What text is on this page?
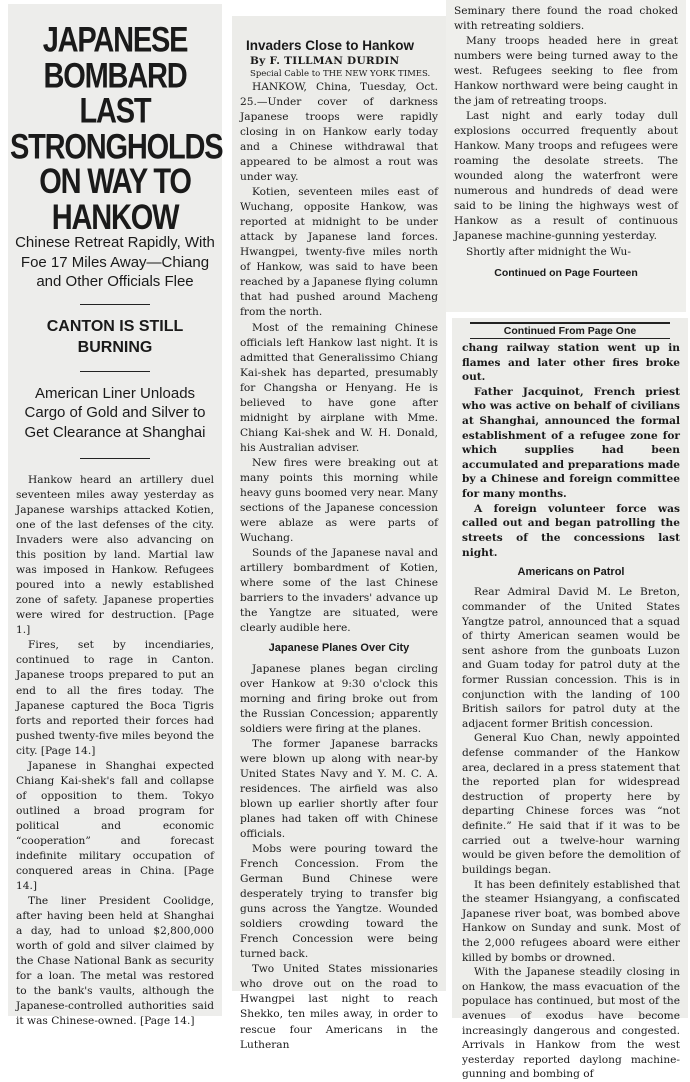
JAPANESE BOMBARD LAST STRONGHOLDS ON WAY TO HANKOW
Chinese Retreat Rapidly, With Foe 17 Miles Away—Chiang and Other Officials Flee
CANTON IS STILL BURNING
American Liner Unloads Cargo of Gold and Silver to Get Clearance at Shanghai

Hankow heard an artillery duel seventeen miles away yesterday as Japanese warships attacked Kotien, one of the last defenses of the city. Invaders were also advancing on this position by land. Martial law was imposed in Hankow. Refugees poured into a newly established zone of safety. Japanese properties were wired for destruction. [Page 1.]

Fires, set by incendiaries, continued to rage in Canton. Japanese troops prepared to put an end to all the fires today. The Japanese captured the Boca Tigris forts and reported their forces had pushed twenty-five miles beyond the city. [Page 14.]

Japanese in Shanghai expected Chiang Kai-shek's fall and collapse of opposition to them. Tokyo outlined a broad program for political and economic “cooperation” and forecast indefinite military occupation of conquered areas in China. [Page 14.]

The liner President Coolidge, after having been held at Shanghai a day, had to unload $2,800,000 worth of gold and silver claimed by the Chase National Bank as security for a loan. The metal was restored to the bank's vaults, although the Japanese-controlled authorities said it was Chinese-owned. [Page 14.]

Invaders Close to Hankow
By F. TILLMAN DURDIN
Special Cable to THE NEW YORK TIMES.

HANKOW, China, Tuesday, Oct. 25.—Under cover of darkness Japanese troops were rapidly closing in on Hankow early today and a Chinese withdrawal that appeared to be almost a rout was under way.

Kotien, seventeen miles east of Wuchang, opposite Hankow, was reported at midnight to be under attack by Japanese land forces. Hwangpei, twenty-five miles north of Hankow, was said to have been reached by a Japanese flying column that had pushed around Macheng from the north.

Most of the remaining Chinese officials left Hankow last night. It is admitted that Generalissimo Chiang Kai-shek has departed, presumably for Changsha or Henyang. He is believed to have gone after midnight by airplane with Mme. Chiang Kai-shek and W. H. Donald, his Australian adviser.

New fires were breaking out at many points this morning while heavy guns boomed very near. Many sections of the Japanese concession were ablaze as were parts of Wuchang.

Sounds of the Japanese naval and artillery bombardment of Kotien, where some of the last Chinese barriers to the invaders' advance up the Yangtze are situated, were clearly audible here.

Japanese Planes Over City

Japanese planes began circling over Hankow at 9:30 o'clock this morning and firing broke out from the Russian Concession; apparently soldiers were firing at the planes.

The former Japanese barracks were blown up along with near-by United States Navy and Y. M. C. A. residences. The airfield was also blown up earlier shortly after four planes had taken off with Chinese officials.

Mobs were pouring toward the French Concession. From the German Bund Chinese were desperately trying to transfer big guns across the Yangtze. Wounded soldiers crowding toward the French Concession were being turned back.

Two United States missionaries who drove out on the road to Hwangpei last night to reach Shekko, ten miles away, in order to rescue four Americans in the Lutheran

Seminary there found the road choked with retreating soldiers.

Many troops headed here in great numbers were being turned away to the west. Refugees seeking to flee from Hankow northward were being caught in the jam of retreating troops.

Last night and early today dull explosions occurred frequently about Hankow. Many troops and refugees were roaming the desolate streets. The wounded along the waterfront were numerous and hundreds of dead were said to be lining the highways west of Hankow as a result of continuous Japanese machine-gunning yesterday.

Shortly after midnight the Wu-

Continued on Page Fourteen
Continued From Page One

chang railway station went up in flames and later other fires broke out.

Father Jacquinot, French priest who was active on behalf of civilians at Shanghai, announced the formal establishment of a refugee zone for which supplies had been accumulated and preparations made by a Chinese and foreign committee for many months.

A foreign volunteer force was called out and began patrolling the streets of the concessions last night.

Americans on Patrol

Rear Admiral David M. Le Breton, commander of the United States Yangtze patrol, announced that a squad of thirty American seamen would be sent ashore from the gunboats Luzon and Guam today for patrol duty at the former Russian concession. This is in conjunction with the landing of 100 British sailors for patrol duty at the adjacent former British concession.

General Kuo Chan, newly appointed defense commander of the Hankow area, declared in a press statement that the reported plan for widespread destruction of property here by departing Chinese forces was “not definite.” He said that if it was to be carried out a twelve-hour warning would be given before the demolition of buildings began.

It has been definitely established that the steamer Hsiangyang, a confiscated Japanese river boat, was bombed above Hankow on Sunday and sunk. Most of the 2,000 refugees aboard were either killed by bombs or drowned.

With the Japanese steadily closing in on Hankow, the mass evacuation of the populace has continued, but most of the avenues of exodus have become increasingly dangerous and congested. Arrivals in Hankow from the west yesterday reported daylong machine-gunning and bombing of
